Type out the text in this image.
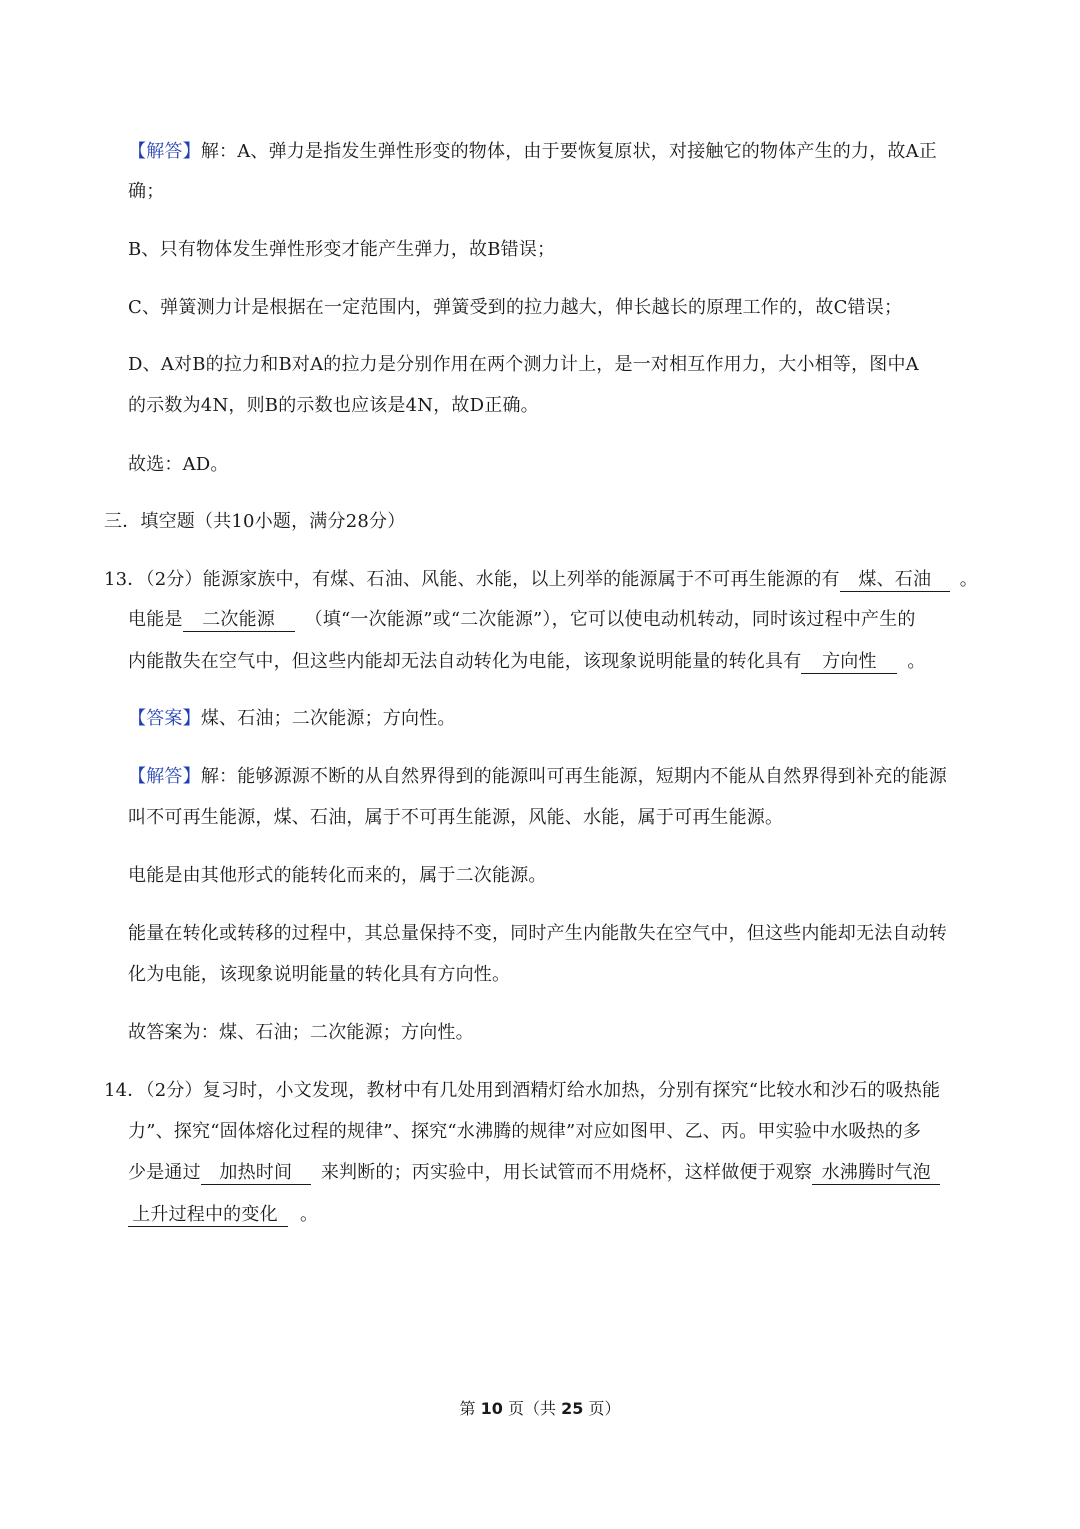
【解答】解：A、弹力是指发生弹性形变的物体，由于要恢复原状，对接触它的物体产生的力，故A正
确；
B、只有物体发生弹性形变才能产生弹力，故B错误；
C、弹簧测力计是根据在一定范围内，弹簧受到的拉力越大，伸长越长的原理工作的，故C错误；
D、A对B的拉力和B对A的拉力是分别作用在两个测力计上，是一对相互作用力，大小相等，图中A
的示数为4N，则B的示数也应该是4N，故D正确。
故选：AD。
三．填空题（共10小题，满分28分）
13．（2分）能源家族中，有煤、石油、风能、水能，以上列举的能源属于不可再生能源的有 煤、石油 。
电能是 二次能源 （填“一次能源”或“二次能源”），它可以使电动机转动，同时该过程中产生的
内能散失在空气中，但这些内能却无法自动转化为电能，该现象说明能量的转化具有 方向性 。
【答案】煤、石油；二次能源；方向性。
【解答】解：能够源源不断的从自然界得到的能源叫可再生能源，短期内不能从自然界得到补充的能源
叫不可再生能源，煤、石油，属于不可再生能源，风能、水能，属于可再生能源。
电能是由其他形式的能转化而来的，属于二次能源。
能量在转化或转移的过程中，其总量保持不变，同时产生内能散失在空气中，但这些内能却无法自动转
化为电能，该现象说明能量的转化具有方向性。
故答案为：煤、石油；二次能源；方向性。
14．（2分）复习时，小文发现，教材中有几处用到酒精灯给水加热，分别有探究“比较水和沙石的吸热能
力”、探究“固体熔化过程的规律”、探究“水沸腾的规律”对应如图甲、乙、丙。甲实验中水吸热的多
少是通过 加热时间 来判断的；丙实验中，用长试管而不用烧杯，这样做便于观察 水沸腾时气泡
上升过程中的变化 。
第 10 页（共 25 页）
